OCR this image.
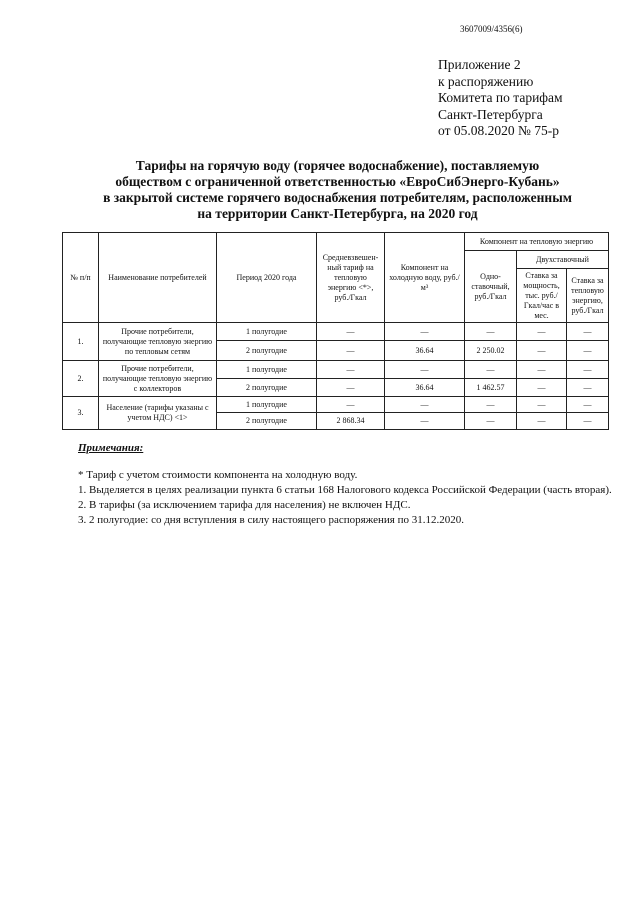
3607009/4356(6)
Приложение 2
к распоряжению
Комитета по тарифам
Санкт-Петербурга
от 05.08.2020 № 75-р
Тарифы на горячую воду (горячее водоснабжение), поставляемую
обществом с ограниченной ответственностью «ЕвроСибЭнерго-Кубань»
в закрытой системе горячего водоснабжения потребителям, расположенным
на территории Санкт-Петербурга, на 2020 год
№ п/п	Наименование потребителей	Период 2020 года	Средневзвешен-ный тариф на тепловую энергию <*>, руб./Гкал	Компонент на холодную воду, руб./м³	Компонент на тепловую энергию		
					Одно-ставочный, руб./Гкал	Двухставочный	
						Ставка за мощность, тыс. руб./Гкал/час в мес.	Ставка за тепловую энергию, руб./Гкал
1.	Прочие потребители, получающие тепловую энергию по тепловым сетям	1 полугодие	—	—	—	—	—
		2 полугодие	—	36.64	2 250.02	—	—
2.	Прочие потребители, получающие тепловую энергию с коллекторов	1 полугодие	—	—	—	—	—
		2 полугодие	—	36.64	1 462.57	—	—
3.	Население (тарифы указаны с учетом НДС) <1>	1 полугодие	—	—	—	—	—
		2 полугодие	2 868.34	—	—	—	—
Примечания:
* Тариф с учетом стоимости компонента на холодную воду.
1. Выделяется в целях реализации пункта 6 статьи 168 Налогового кодекса Российской Федерации (часть вторая).
2. В тарифы (за исключением тарифа для населения) не включен НДС.
3. 2 полугодие: со дня вступления в силу настоящего распоряжения по 31.12.2020.
